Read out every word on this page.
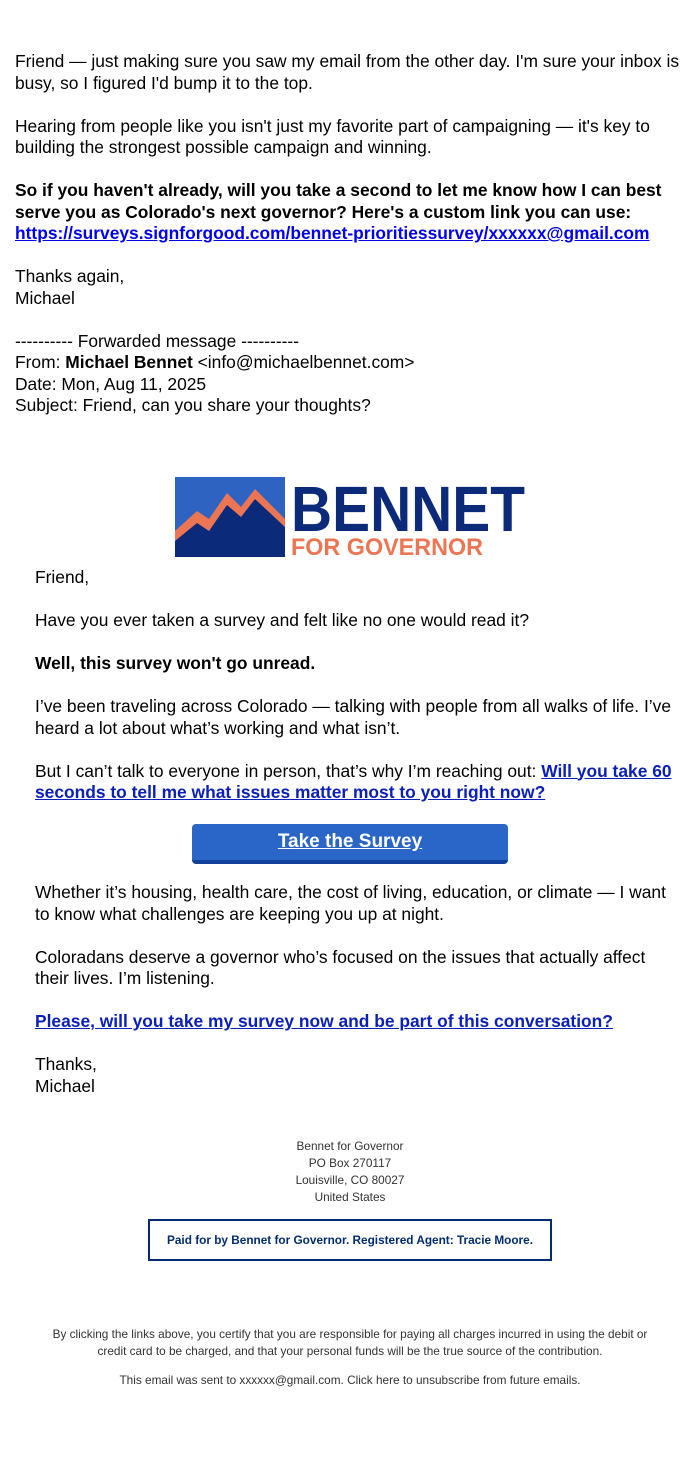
Friend — just making sure you saw my email from the other day. I'm sure your inbox is busy, so I figured I'd bump it to the top.

Hearing from people like you isn't just my favorite part of campaigning — it's key to building the strongest possible campaign and winning.

So if you haven't already, will you take a second to let me know how I can best serve you as Colorado's next governor? Here's a custom link you can use: https://surveys.signforgood.com/bennet-prioritiessurvey/xxxxxx@gmail.com

Thanks again,
Michael

---------- Forwarded message ----------

From: Michael Bennet <info@michaelbennet.com>

Date: Mon, Aug 11, 2025

Subject: Friend, can you share your thoughts?

BENNET
FOR GOVERNOR

Friend,

Have you ever taken a survey and felt like no one would read it?

Well, this survey won't go unread.

I’ve been traveling across Colorado — talking with people from all walks of life. I’ve heard a lot about what’s working and what isn’t.

But I can’t talk to everyone in person, that’s why I’m reaching out: Will you take 60 seconds to tell me what issues matter most to you right now?

Take the Survey

Whether it’s housing, health care, the cost of living, education, or climate — I want to know what challenges are keeping you up at night.

Coloradans deserve a governor who’s focused on the issues that actually affect their lives. I’m listening.

Please, will you take my survey now and be part of this conversation?

Thanks,
Michael

Bennet for Governor
PO Box 270117
Louisville, CO 80027
United States
Paid for by Bennet for Governor. Registered Agent: Tracie Moore.

By clicking the links above, you certify that you are responsible for paying all charges incurred in using the debit or credit card to be charged, and that your personal funds will be the true source of the contribution.

This email was sent to xxxxxx@gmail.com. Click here to unsubscribe from future emails.
